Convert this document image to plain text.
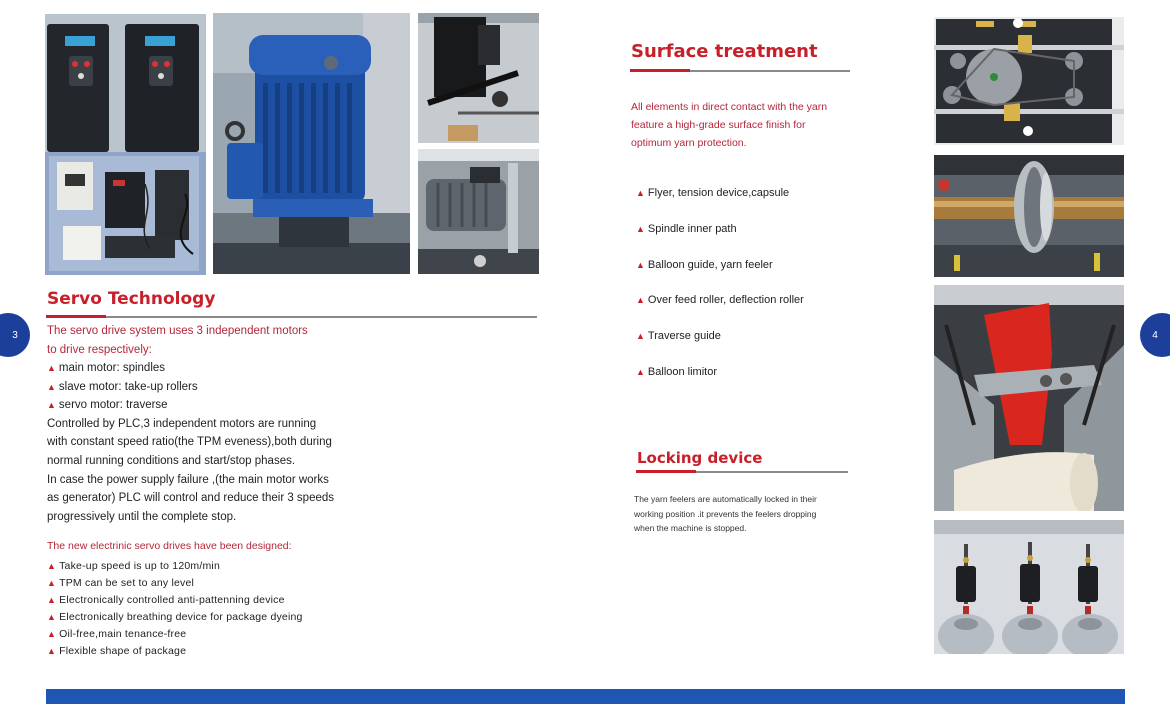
Servo Technology
The servo drive system uses 3 independent motors
to drive respectively:
▲ main motor: spindles
▲ slave motor: take-up rollers
▲ servo motor: traverse
Controlled by PLC,3 independent motors are running
with constant speed ratio(the TPM eveness),both during
normal running conditions and start/stop phases.
In case the power supply failure ,(the main motor works
as generator) PLC will control and reduce their 3 speeds
progressively until the complete stop.
The new electrinic servo drives have been designed:
▲ Take-up speed is up to 120m/min
▲ TPM can be set to any level
▲ Electronically controlled anti-pattenning device
▲ Electronically breathing device for package dyeing
▲ Oil-free,main tenance-free
▲ Flexible shape of package
Surface treatment
All elements in direct contact with the yarn
feature a high-grade surface finish for
optimum yarn protection.
▲ Flyer, tension device,capsule
▲ Spindle inner path
▲ Balloon guide, yarn feeler
▲ Over feed roller, deflection roller
▲ Traverse guide
▲ Balloon limitor
Locking device
The yarn feelers are automatically locked in their
working position .it prevents the feelers dropping
when the machine is stopped.
3	4
